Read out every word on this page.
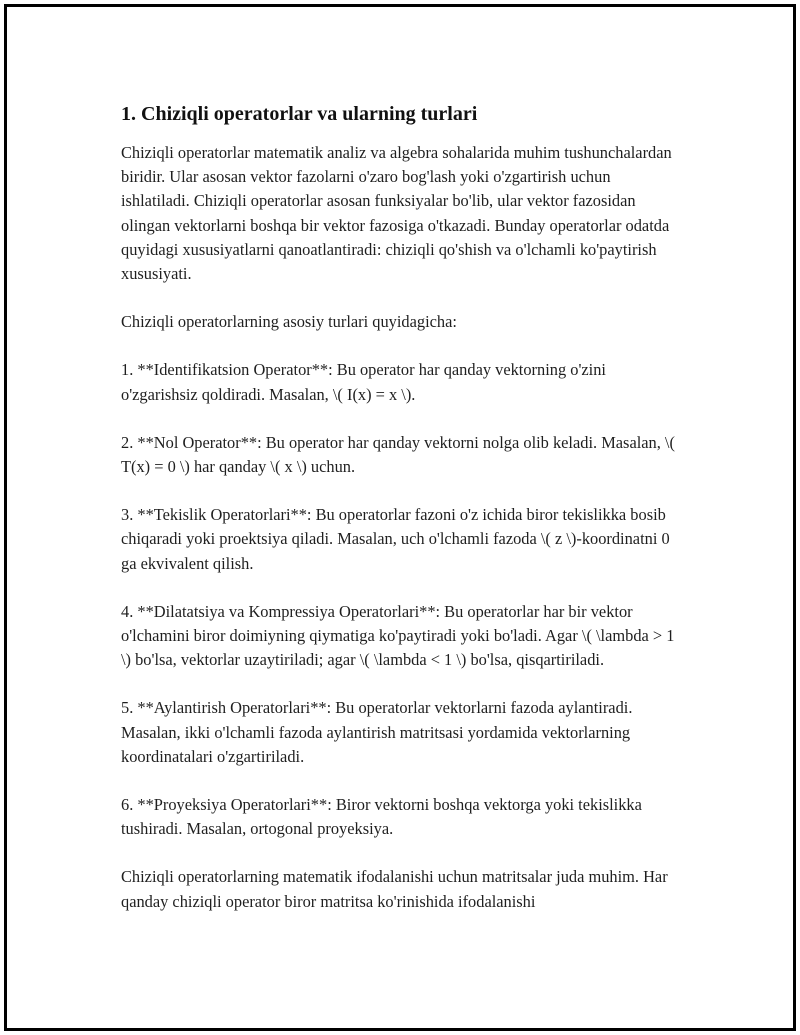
1. Chiziqli operatorlar va ularning turlari

Chiziqli operatorlar matematik analiz va algebra sohalarida muhim tushunchalardan biridir. Ular asosan vektor fazolarni o'zaro bog'lash yoki o'zgartirish uchun ishlatiladi. Chiziqli operatorlar asosan funksiyalar bo'lib, ular vektor fazosidan olingan vektorlarni boshqa bir vektor fazosiga o'tkazadi. Bunday operatorlar odatda quyidagi xususiyatlarni qanoatlantiradi: chiziqli qo'shish va o'lchamli ko'paytirish xususiyati.

Chiziqli operatorlarning asosiy turlari quyidagicha:

1. **Identifikatsion Operator**: Bu operator har qanday vektorning o'zini o'zgarishsiz qoldiradi. Masalan, \( I(x) = x \).

2. **Nol Operator**: Bu operator har qanday vektorni nolga olib keladi. Masalan, \( T(x) = 0 \) har qanday \( x \) uchun.

3. **Tekislik Operatorlari**: Bu operatorlar fazoni o'z ichida biror tekislikka bosib chiqaradi yoki proektsiya qiladi. Masalan, uch o'lchamli fazoda \( z \)-koordinatni 0 ga ekvivalent qilish.

4. **Dilatatsiya va Kompressiya Operatorlari**: Bu operatorlar har bir vektor o'lchamini biror doimiyning qiymatiga ko'paytiradi yoki bo'ladi. Agar \( \lambda > 1 \) bo'lsa, vektorlar uzaytiriladi; agar \( \lambda < 1 \) bo'lsa, qisqartiriladi.

5. **Aylantirish Operatorlari**: Bu operatorlar vektorlarni fazoda aylantiradi. Masalan, ikki o'lchamli fazoda aylantirish matritsasi yordamida vektorlarning koordinatalari o'zgartiriladi.

6. **Proyeksiya Operatorlari**: Biror vektorni boshqa vektorga yoki tekislikka tushiradi. Masalan, ortogonal proyeksiya.

Chiziqli operatorlarning matematik ifodalanishi uchun matritsalar juda muhim. Har qanday chiziqli operator biror matritsa ko'rinishida ifodalanishi
